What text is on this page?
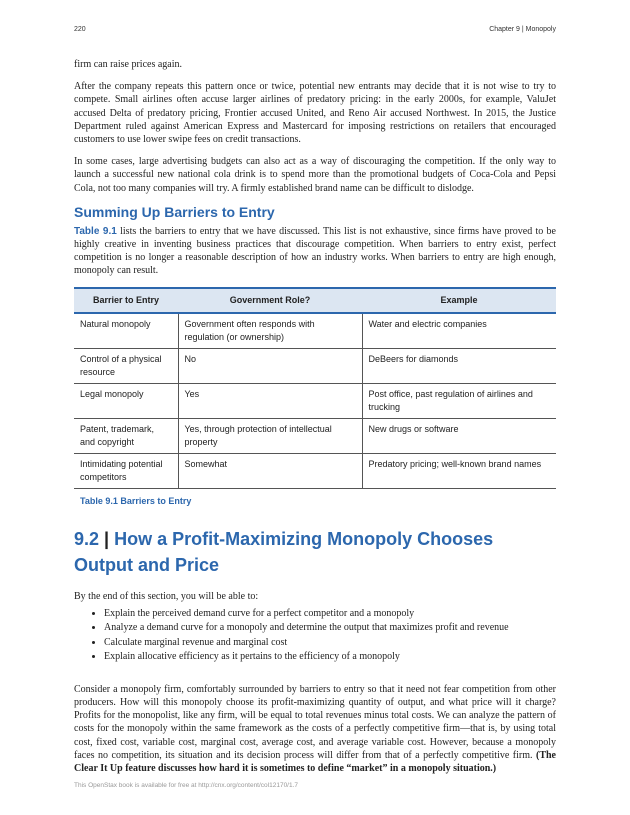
220	Chapter 9 | Monopoly

firm can raise prices again.

After the company repeats this pattern once or twice, potential new entrants may decide that it is not wise to try to compete. Small airlines often accuse larger airlines of predatory pricing: in the early 2000s, for example, ValuJet accused Delta of predatory pricing, Frontier accused United, and Reno Air accused Northwest. In 2015, the Justice Department ruled against American Express and Mastercard for imposing restrictions on retailers that encouraged customers to use lower swipe fees on credit transactions.

In some cases, large advertising budgets can also act as a way of discouraging the competition. If the only way to launch a successful new national cola drink is to spend more than the promotional budgets of Coca-Cola and Pepsi Cola, not too many companies will try. A firmly established brand name can be difficult to dislodge.

Summing Up Barriers to Entry

Table 9.1 lists the barriers to entry that we have discussed. This list is not exhaustive, since firms have proved to be highly creative in inventing business practices that discourage competition. When barriers to entry exist, perfect competition is no longer a reasonable description of how an industry works. When barriers to entry are high enough, monopoly can result.

Barrier to Entry	Government Role?	Example
Natural monopoly	Government often responds with regulation (or ownership)	Water and electric companies
Control of a physical resource	No	DeBeers for diamonds
Legal monopoly	Yes	Post office, past regulation of airlines and trucking
Patent, trademark, and copyright	Yes, through protection of intellectual property	New drugs or software
Intimidating potential competitors	Somewhat	Predatory pricing; well-known brand names
Table 9.1 Barriers to Entry
9.2 | How a Profit-Maximizing Monopoly Chooses Output and Price

By the end of this section, you will be able to:

• Explain the perceived demand curve for a perfect competitor and a monopoly
• Analyze a demand curve for a monopoly and determine the output that maximizes profit and revenue
• Calculate marginal revenue and marginal cost
• Explain allocative efficiency as it pertains to the efficiency of a monopoly

Consider a monopoly firm, comfortably surrounded by barriers to entry so that it need not fear competition from other producers. How will this monopoly choose its profit-maximizing quantity of output, and what price will it charge? Profits for the monopolist, like any firm, will be equal to total revenues minus total costs. We can analyze the pattern of costs for the monopoly within the same framework as the costs of a perfectly competitive firm—that is, by using total cost, fixed cost, variable cost, marginal cost, average cost, and average variable cost. However, because a monopoly faces no competition, its situation and its decision process will differ from that of a perfectly competitive firm. (The Clear It Up feature discusses how hard it is sometimes to define “market” in a monopoly situation.)

This OpenStax book is available for free at http://cnx.org/content/col12170/1.7
